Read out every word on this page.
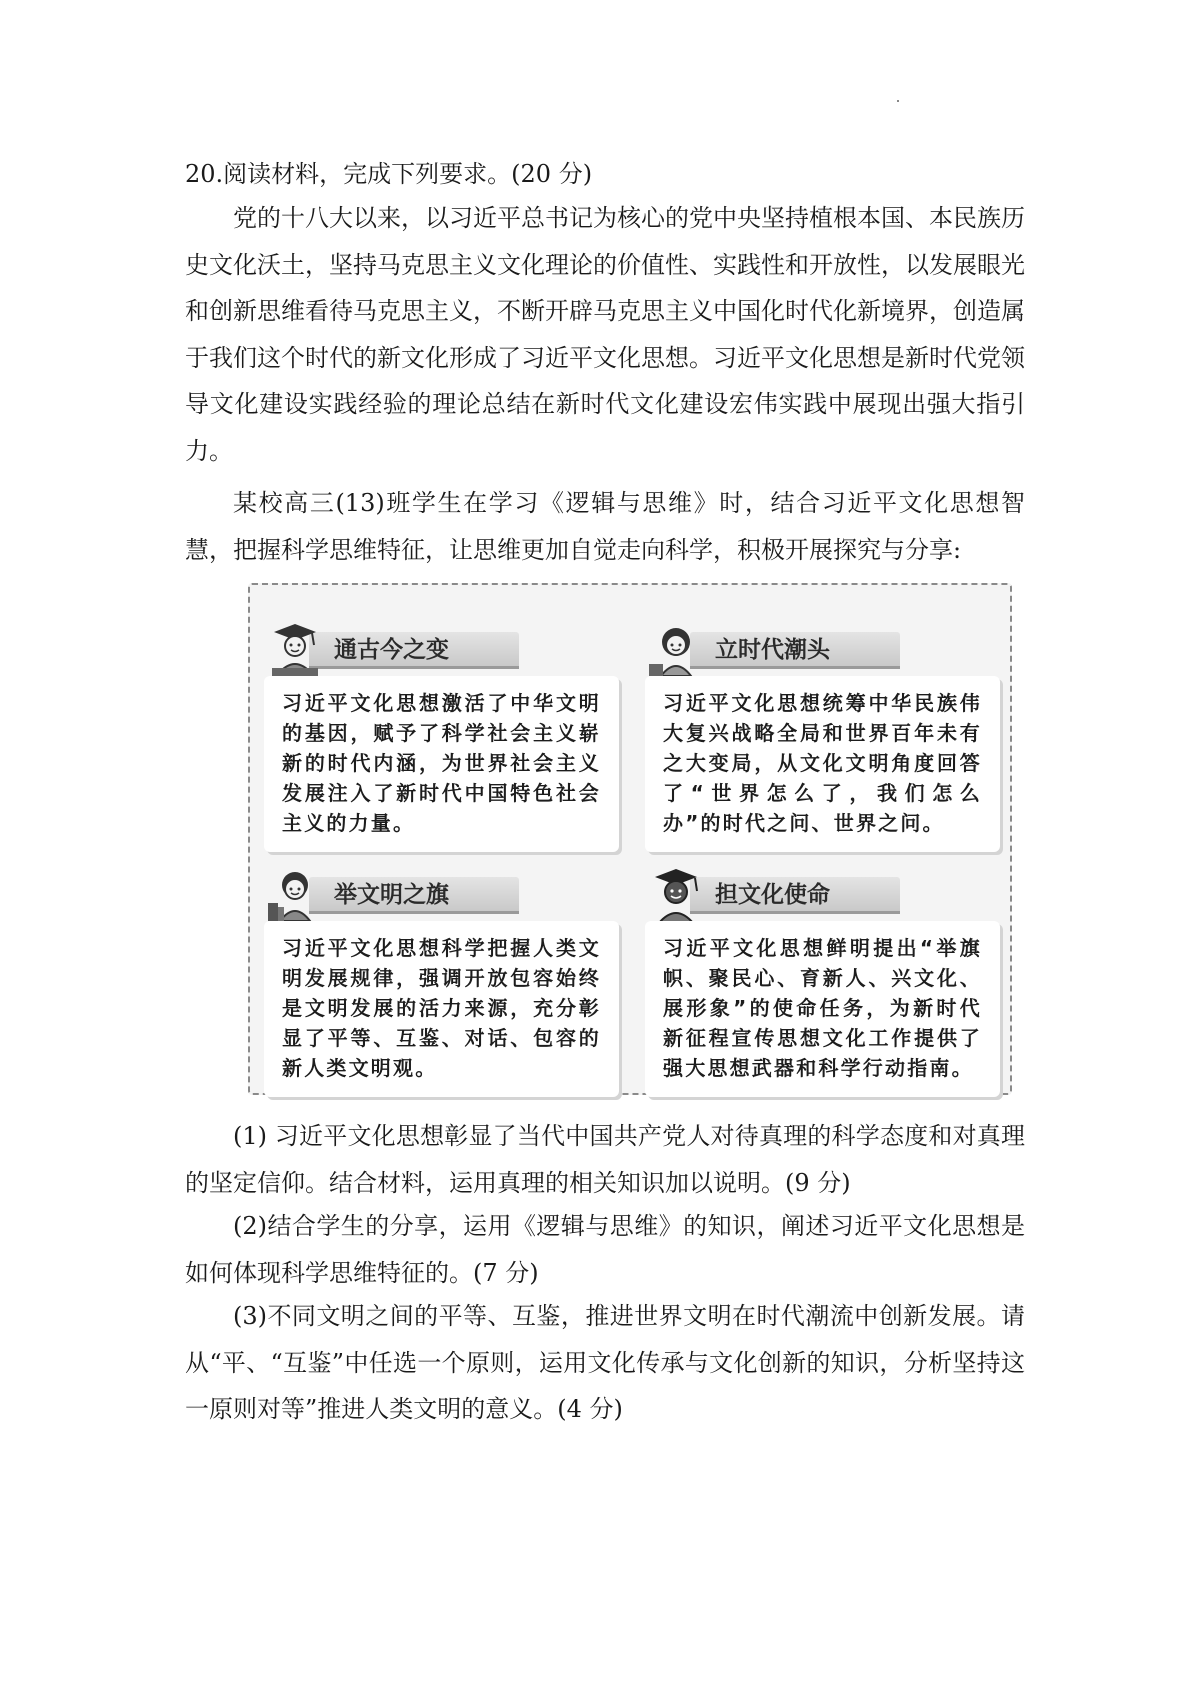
20.阅读材料，完成下列要求。(20 分)

党的十八大以来，以习近平总书记为核心的党中央坚持植根本国、本民族历史文化沃土，坚持马克思主义文化理论的价值性、实践性和开放性，以发展眼光和创新思维看待马克思主义，不断开辟马克思主义中国化时代化新境界，创造属于我们这个时代的新文化形成了习近平文化思想。习近平文化思想是新时代党领导文化建设实践经验的理论总结在新时代文化建设宏伟实践中展现出强大指引力。

某校高三(13)班学生在学习《逻辑与思维》时，结合习近平文化思想智慧，把握科学思维特征，让思维更加自觉走向科学，积极开展探究与分享:

通古今之变

习近平文化思想激活了中华文明的基因，赋予了科学社会主义崭新的时代内涵，为世界社会主义发展注入了新时代中国特色社会主义的力量。

立时代潮头

习近平文化思想统筹中华民族伟大复兴战略全局和世界百年未有之大变局，从文化文明角度回答了“世界怎么了，我们怎么办”的时代之问、世界之问。

举文明之旗

习近平文化思想科学把握人类文明发展规律，强调开放包容始终是文明发展的活力来源，充分彰显了平等、互鉴、对话、包容的新人类文明观。

担文化使命

习近平文化思想鲜明提出“举旗帜、聚民心、育新人、兴文化、展形象”的使命任务，为新时代新征程宣传思想文化工作提供了强大思想武器和科学行动指南。

(1) 习近平文化思想彰显了当代中国共产党人对待真理的科学态度和对真理的坚定信仰。结合材料，运用真理的相关知识加以说明。(9 分)

(2)结合学生的分享，运用《逻辑与思维》的知识，阐述习近平文化思想是如何体现科学思维特征的。(7 分)

(3)不同文明之间的平等、互鉴，推进世界文明在时代潮流中创新发展。请从“平、“互鉴”中任选一个原则，运用文化传承与文化创新的知识，分析坚持这一原则对等”推进人类文明的意义。(4 分)
